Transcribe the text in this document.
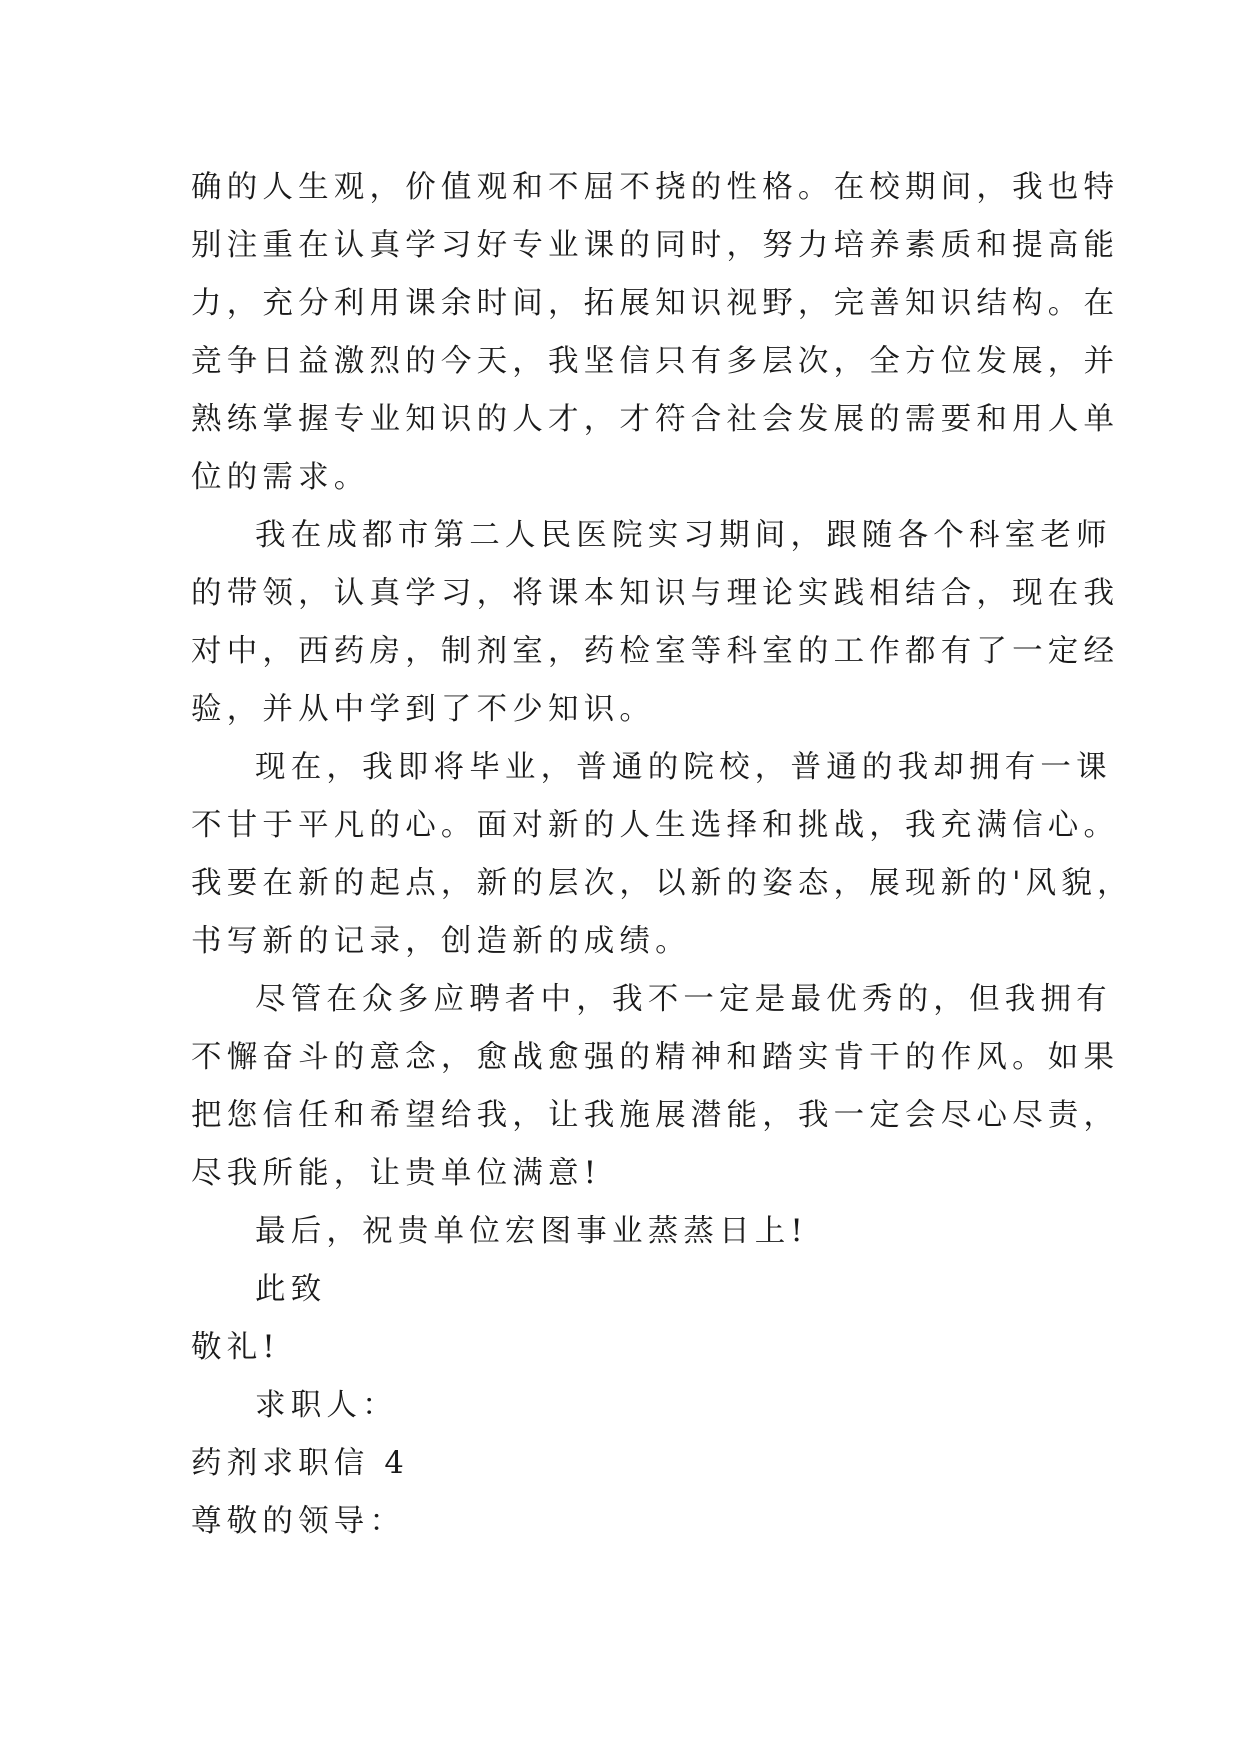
确的人生观，价值观和不屈不挠的性格。在校期间，我也特
别注重在认真学习好专业课的同时，努力培养素质和提高能
力，充分利用课余时间，拓展知识视野，完善知识结构。在
竞争日益激烈的今天，我坚信只有多层次，全方位发展，并
熟练掌握专业知识的人才，才符合社会发展的需要和用人单
位的需求。
我在成都市第二人民医院实习期间，跟随各个科室老师
的带领，认真学习，将课本知识与理论实践相结合，现在我
对中，西药房，制剂室，药检室等科室的工作都有了一定经
验，并从中学到了不少知识。
现在，我即将毕业，普通的院校，普通的我却拥有一课
不甘于平凡的心。面对新的人生选择和挑战，我充满信心。
我要在新的起点，新的层次，以新的姿态，展现新的'风貌，
书写新的记录，创造新的成绩。
尽管在众多应聘者中，我不一定是最优秀的，但我拥有
不懈奋斗的意念，愈战愈强的精神和踏实肯干的作风。如果
把您信任和希望给我，让我施展潜能，我一定会尽心尽责，
尽我所能，让贵单位满意!
最后，祝贵单位宏图事业蒸蒸日上!
此致
敬礼!
求职人：
药剂求职信 4
尊敬的领导：
